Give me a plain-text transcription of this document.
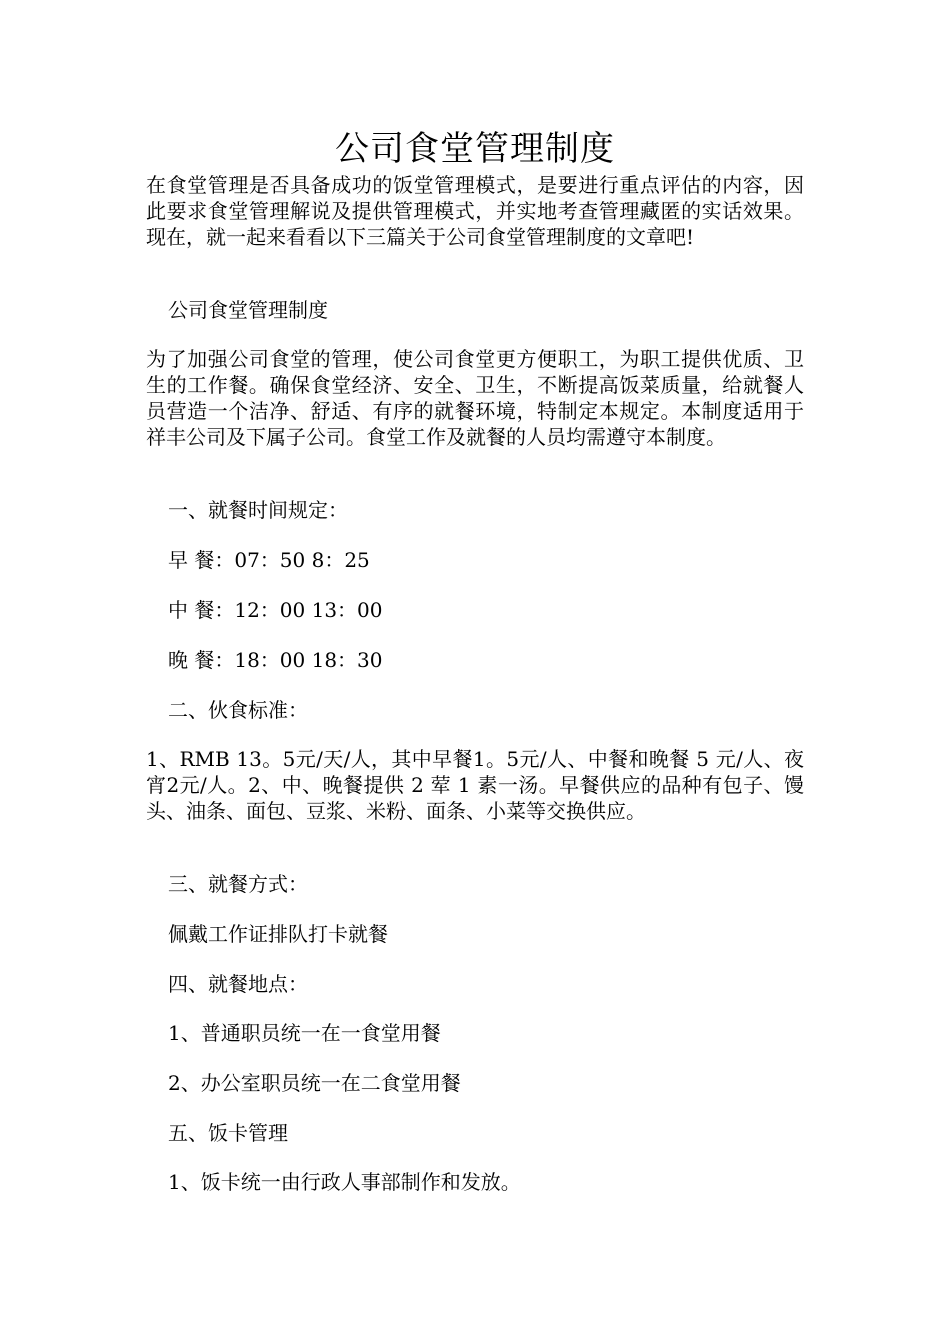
公司食堂管理制度
在食堂管理是否具备成功的饭堂管理模式，是要进行重点评估的内容，因此要求食堂管理解说及提供管理模式，并实地考查管理藏匿的实话效果。现在，就一起来看看以下三篇关于公司食堂管理制度的文章吧!
公司食堂管理制度
为了加强公司食堂的管理，使公司食堂更方便职工，为职工提供优质、卫生的工作餐。确保食堂经济、安全、卫生，不断提高饭菜质量，给就餐人员营造一个洁净、舒适、有序的就餐环境，特制定本规定。本制度适用于祥丰公司及下属子公司。食堂工作及就餐的人员均需遵守本制度。
一、就餐时间规定：
早 餐：07：50 8：25
中 餐：12：00 13：00
晚 餐：18：00 18：30
二、伙食标准：
1、RMB 13。5元/天/人，其中早餐1。5元/人、中餐和晚餐 5 元/人、夜宵2元/人。2、中、晚餐提供 2 荤 1 素一汤。早餐供应的品种有包子、馒头、油条、面包、豆浆、米粉、面条、小菜等交换供应。
三、就餐方式：
佩戴工作证排队打卡就餐
四、就餐地点：
1、普通职员统一在一食堂用餐
2、办公室职员统一在二食堂用餐
五、饭卡管理
1、饭卡统一由行政人事部制作和发放。
